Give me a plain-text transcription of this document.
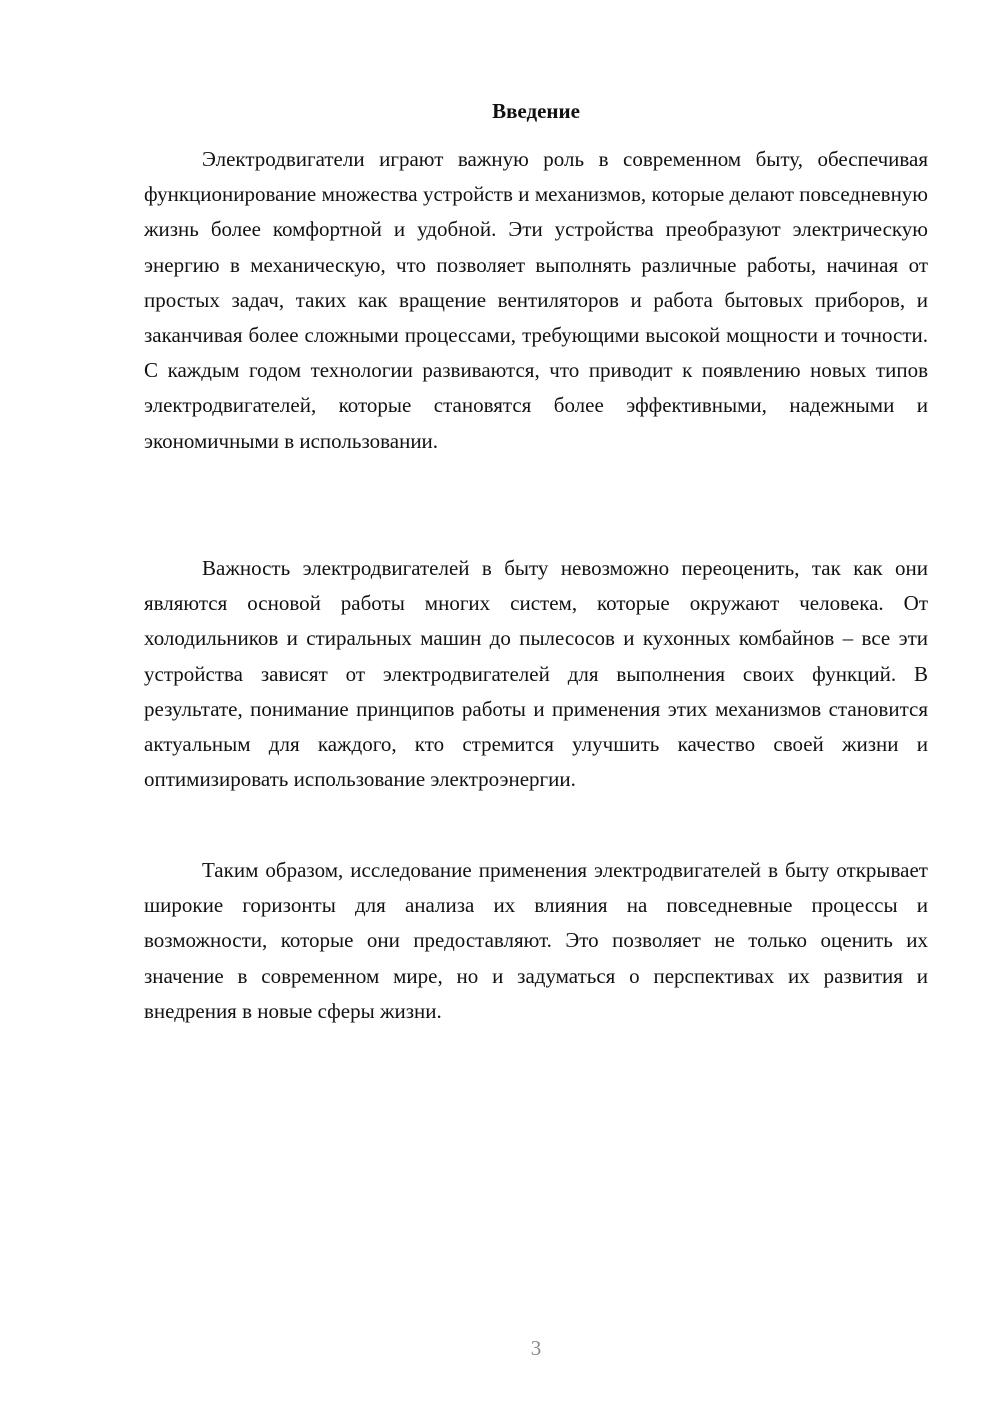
Введение

Электродвигатели играют важную роль в современном быту, обеспечивая функционирование множества устройств и механизмов, которые делают повседневную жизнь более комфортной и удобной. Эти устройства преобразуют электрическую энергию в механическую, что позволяет выполнять различные работы, начиная от простых задач, таких как вращение вентиляторов и работа бытовых приборов, и заканчивая более сложными процессами, требующими высокой мощности и точности. С каждым годом технологии развиваются, что приводит к появлению новых типов электродвигателей, которые становятся более эффективными, надежными и экономичными в использовании.

Важность электродвигателей в быту невозможно переоценить, так как они являются основой работы многих систем, которые окружают человека. От холодильников и стиральных машин до пылесосов и кухонных комбайнов – все эти устройства зависят от электродвигателей для выполнения своих функций. В результате, понимание принципов работы и применения этих механизмов становится актуальным для каждого, кто стремится улучшить качество своей жизни и оптимизировать использование электроэнергии.

Таким образом, исследование применения электродвигателей в быту открывает широкие горизонты для анализа их влияния на повседневные процессы и возможности, которые они предоставляют. Это позволяет не только оценить их значение в современном мире, но и задуматься о перспективах их развития и внедрения в новые сферы жизни.

3
